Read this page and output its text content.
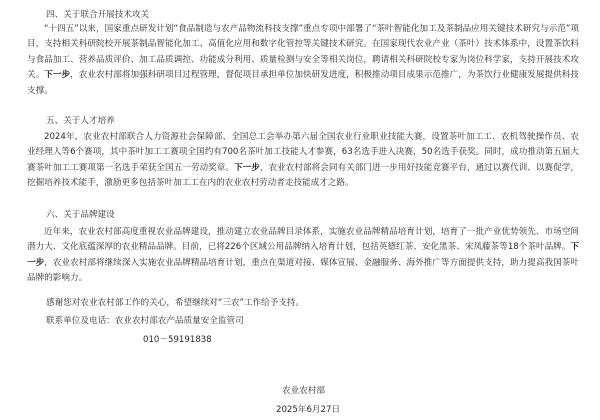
四、关于联合开展技术攻关

“十四五”以来，国家重点研发计划“食品制造与农产品物流科技支撑”重点专项中部署了“茶叶智能化加工及茶制品应用关键技术研究与示范”项目，支持相关科研院校开展茶制品智能化加工、高值化应用和数字化管控等关键技术研究。在国家现代农业产业（茶叶）技术体系中，设置茶饮料与食品加工、营养品质评价、加工品质调控、功能成分利用、质量检测与安全等相关岗位，聘请相关科研院校专家为岗位科学家，支持开展技术攻关。下一步，农业农村部将加强科研项目过程管理，督促项目承担单位加快研发进度，积极推动项目成果示范推广，为茶饮行业健康发展提供科技支撑。

五、关于人才培养

2024年，农业农村部联合人力资源社会保障部、全国总工会举办第六届全国农业行业职业技能大赛，设置茶叶加工工、农机驾驶操作员、农业经理人等6个赛项，其中茶叶加工工赛项全国约有700名茶叶加工技能人才参赛，63名选手进入决赛，50名选手获奖。同时，成功推动第五届大赛茶叶加工工赛项第一名选手荣获全国五一劳动奖章。下一步，农业农村部将会同有关部门进一步用好技能竞赛平台，通过以赛代训、以赛促学，挖掘培养技术能手，激励更多包括茶叶加工工在内的农业农村劳动者走技能成才之路。

六、关于品牌建设

近年来，农业农村部高度重视农业品牌建设，推动建立农业品牌目录体系，实施农业品牌精品培育计划，培育了一批产业优势领先、市场空间潜力大、文化底蕴深厚的农业精品品牌。目前，已将226个区域公用品牌纳入培育计划，包括英德红茶、安化黑茶、宋凤藤茶等18个茶叶品牌。下一步，农业农村部将继续深入实施农业品牌精品培育计划，重点在渠道对接、媒体宣展、金融服务、海外推广等方面提供支持，助力提高我国茶叶品牌的影响力。

感谢您对农业农村部工作的关心，希望继续对“三农”工作给予支持。
联系单位及电话：农业农村部农产品质量安全监管司
010－59191838
农业农村部
2025年6月27日
